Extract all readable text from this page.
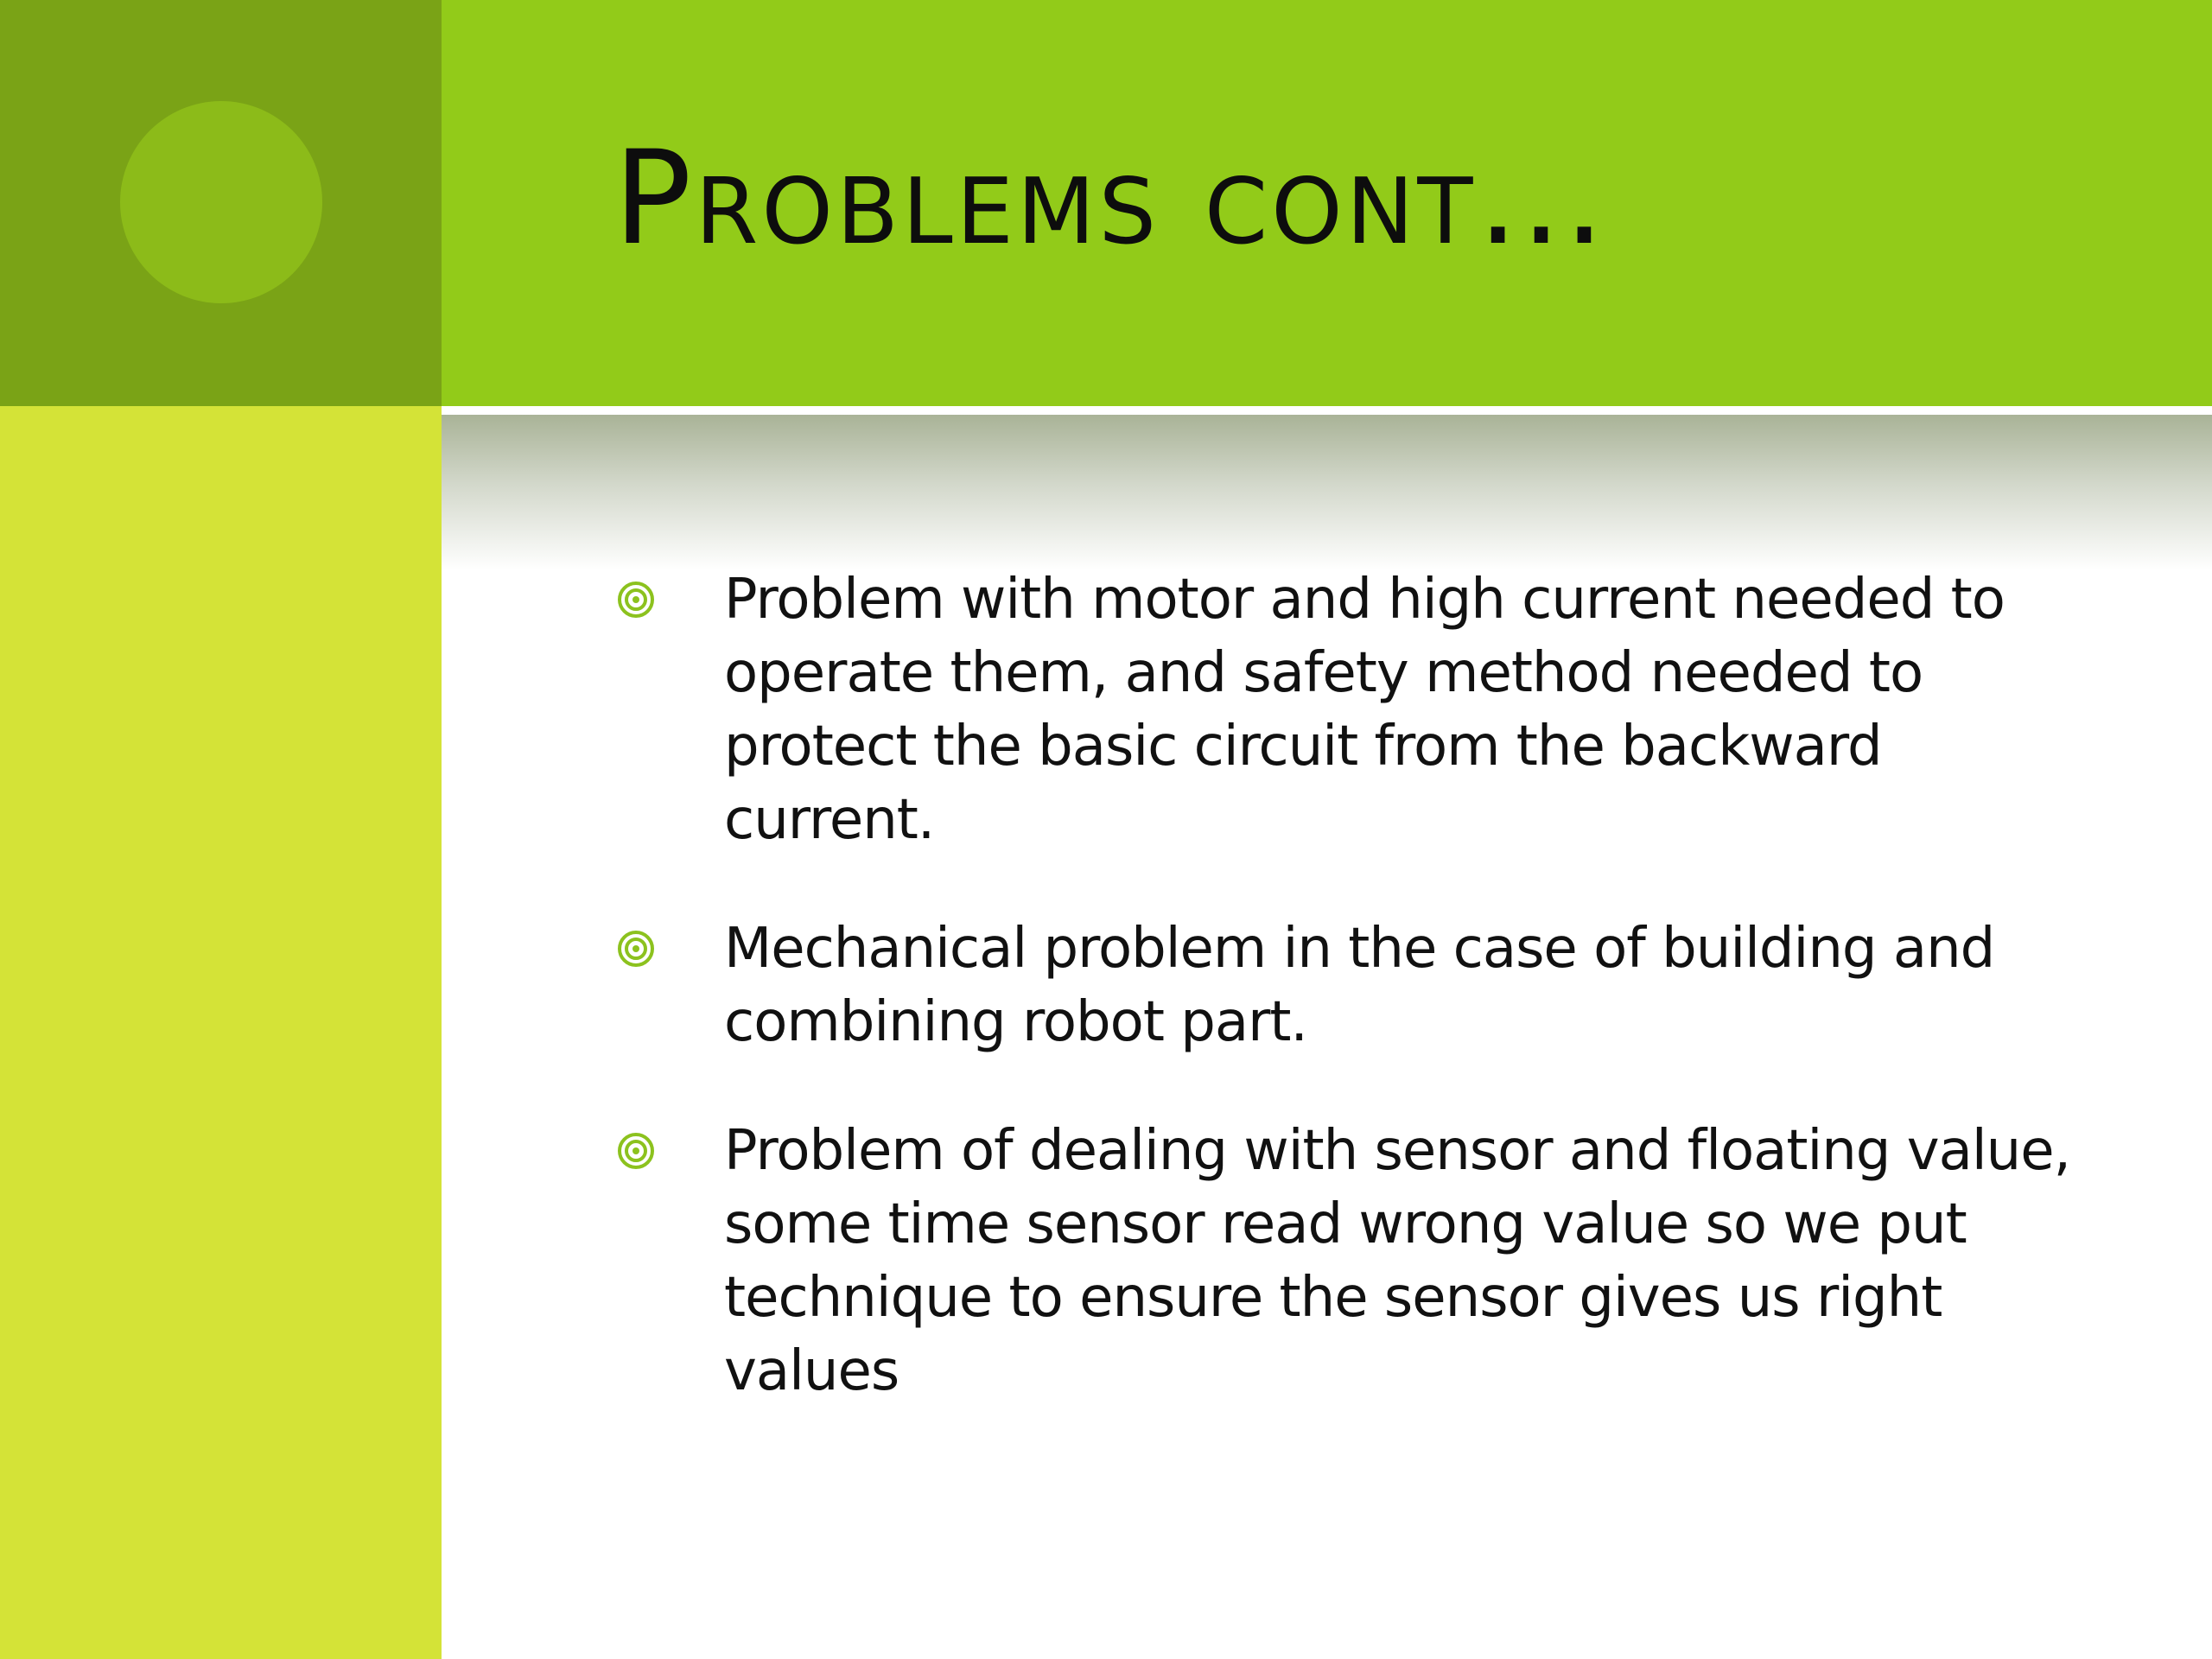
Problems cont…
Problem with motor and high current needed to operate them, and safety method needed to protect the basic circuit from the backward current.
Mechanical problem in the case of building and combining robot part.
Problem of dealing with sensor and floating value, some time sensor read wrong value so we put technique to ensure the sensor gives us right values
